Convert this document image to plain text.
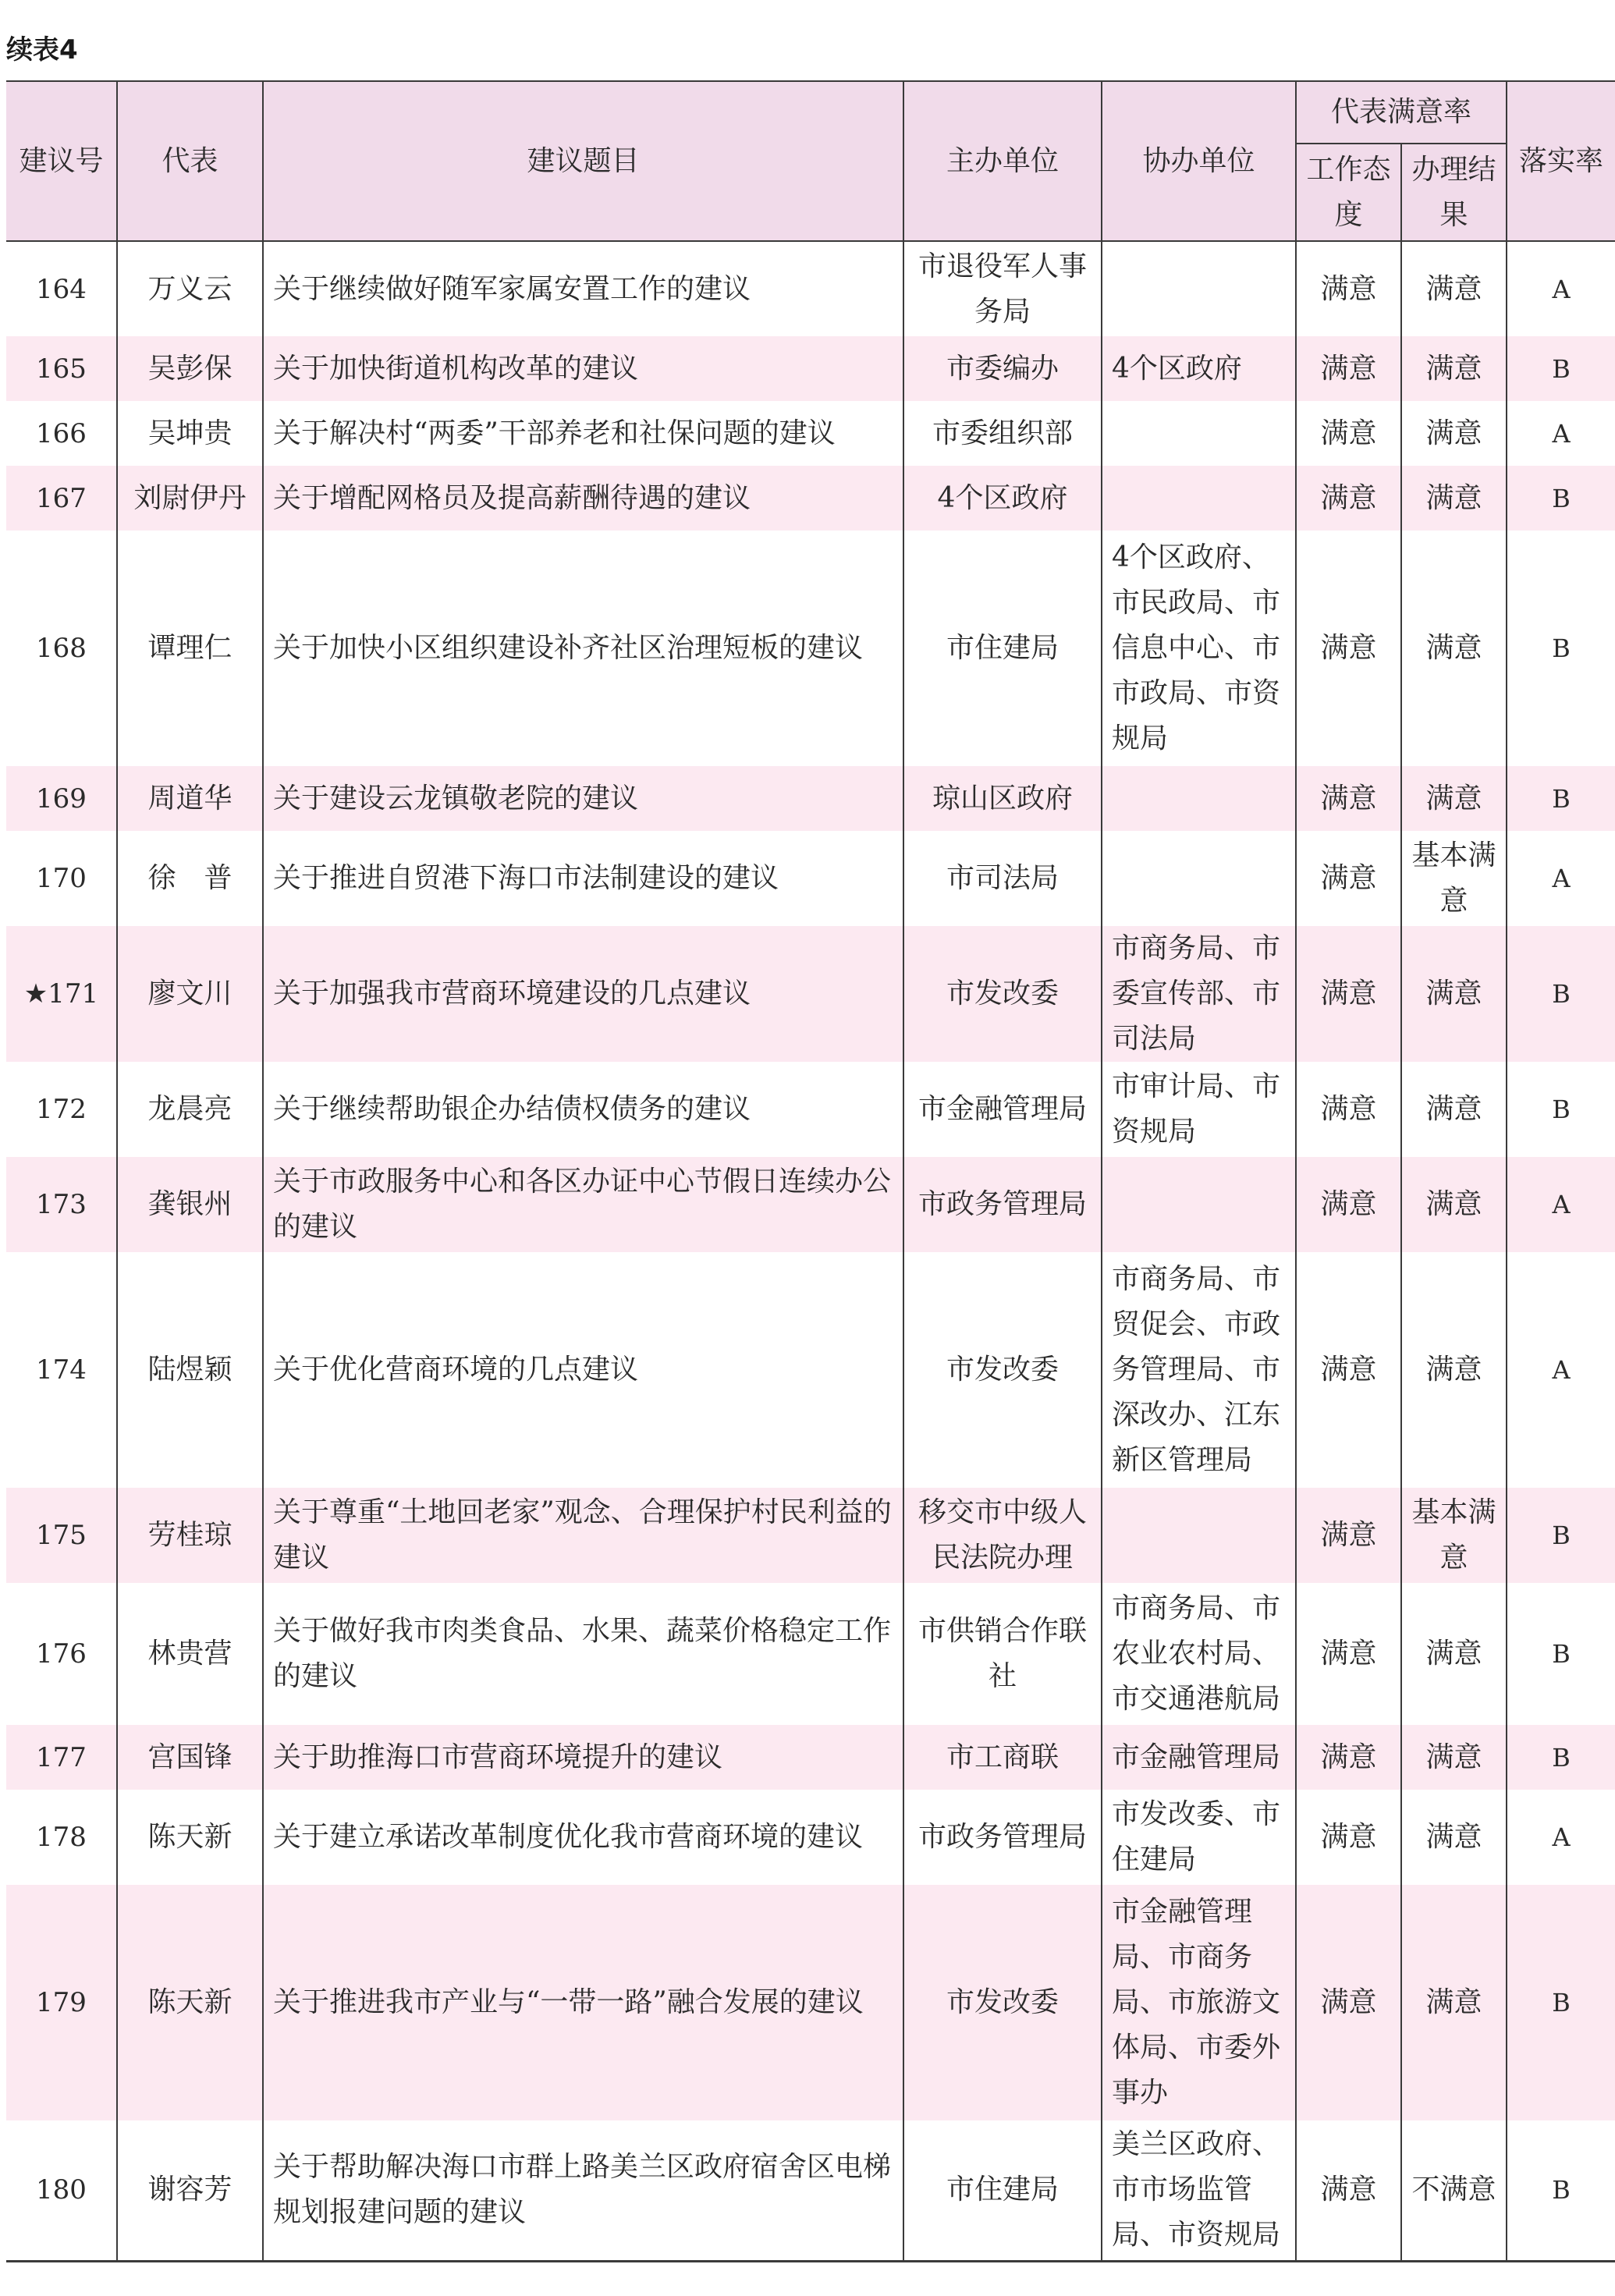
续表4
建议号	代表	建议题目	主办单位	协办单位	代表满意率		落实率
					工作态度	办理结果	
164	万义云	关于继续做好随军家属安置工作的建议	市退役军人事务局		满意	满意	A
165	吴彭保	关于加快街道机构改革的建议	市委编办	4个区政府	满意	满意	B
166	吴坤贵	关于解决村“两委”干部养老和社保问题的建议	市委组织部		满意	满意	A
167	刘尉伊丹	关于增配网格员及提高薪酬待遇的建议	4个区政府		满意	满意	B
168	谭理仁	关于加快小区组织建设补齐社区治理短板的建议	市住建局	4个区政府、市民政局、市信息中心、市市政局、市资规局	满意	满意	B
169	周道华	关于建设云龙镇敬老院的建议	琼山区政府		满意	满意	B
170	徐　普	关于推进自贸港下海口市法制建设的建议	市司法局		满意	基本满意	A
★171	廖文川	关于加强我市营商环境建设的几点建议	市发改委	市商务局、市委宣传部、市司法局	满意	满意	B
172	龙晨亮	关于继续帮助银企办结债权债务的建议	市金融管理局	市审计局、市资规局	满意	满意	B
173	龚银州	关于市政服务中心和各区办证中心节假日连续办公的建议	市政务管理局		满意	满意	A
174	陆煜颖	关于优化营商环境的几点建议	市发改委	市商务局、市贸促会、市政务管理局、市深改办、江东新区管理局	满意	满意	A
175	劳桂琼	关于尊重“土地回老家”观念、合理保护村民利益的建议	移交市中级人民法院办理		满意	基本满意	B
176	林贵营	关于做好我市肉类食品、水果、蔬菜价格稳定工作的建议	市供销合作联社	市商务局、市农业农村局、市交通港航局	满意	满意	B
177	宫国锋	关于助推海口市营商环境提升的建议	市工商联	市金融管理局	满意	满意	B
178	陈天新	关于建立承诺改革制度优化我市营商环境的建议	市政务管理局	市发改委、市住建局	满意	满意	A
179	陈天新	关于推进我市产业与“一带一路”融合发展的建议	市发改委	市金融管理局、市商务局、市旅游文体局、市委外事办	满意	满意	B
180	谢容芳	关于帮助解决海口市群上路美兰区政府宿舍区电梯规划报建问题的建议	市住建局	美兰区政府、市市场监管局、市资规局	满意	不满意	B
